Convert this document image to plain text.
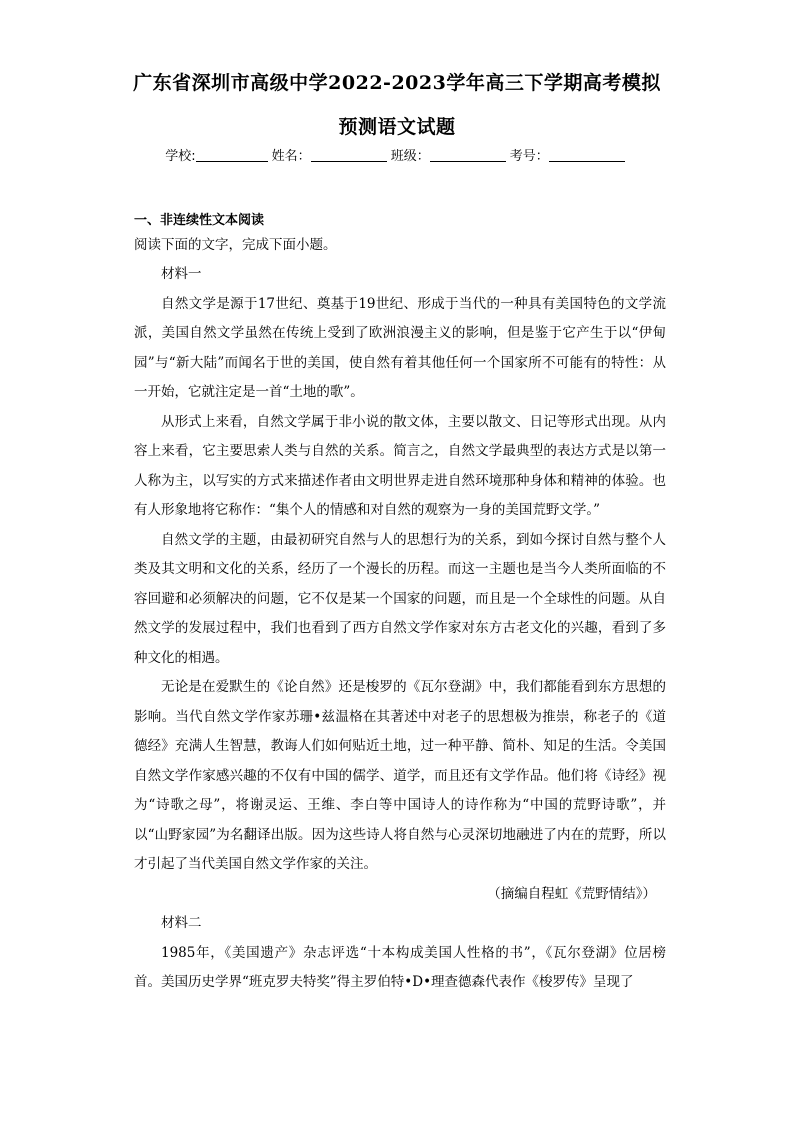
广东省深圳市高级中学2022-2023学年高三下学期高考模拟
预测语文试题
学校:	姓名：	班级：	考号：
一、非连续性文本阅读
阅读下面的文字，完成下面小题。

材料一

自然文学是源于17世纪、奠基于19世纪、形成于当代的一种具有美国特色的文学流派，美国自然文学虽然在传统上受到了欧洲浪漫主义的影响，但是鉴于它产生于以“伊甸园”与“新大陆”而闻名于世的美国，使自然有着其他任何一个国家所不可能有的特性：从一开始，它就注定是一首“土地的歌”。

从形式上来看，自然文学属于非小说的散文体，主要以散文、日记等形式出现。从内容上来看，它主要思索人类与自然的关系。简言之，自然文学最典型的表达方式是以第一人称为主，以写实的方式来描述作者由文明世界走进自然环境那种身体和精神的体验。也有人形象地将它称作：“集个人的情感和对自然的观察为一身的美国荒野文学。”

自然文学的主题，由最初研究自然与人的思想行为的关系，到如今探讨自然与整个人类及其文明和文化的关系，经历了一个漫长的历程。而这一主题也是当今人类所面临的不容回避和必须解决的问题，它不仅是某一个国家的问题，而且是一个全球性的问题。从自然文学的发展过程中，我们也看到了西方自然文学作家对东方古老文化的兴趣，看到了多种文化的相遇。

无论是在爱默生的《论自然》还是梭罗的《瓦尔登湖》中，我们都能看到东方思想的影响。当代自然文学作家苏珊•兹温格在其著述中对老子的思想极为推崇，称老子的《道德经》充满人生智慧，教诲人们如何贴近土地，过一种平静、简朴、知足的生活。令美国自然文学作家感兴趣的不仅有中国的儒学、道学，而且还有文学作品。他们将《诗经》视为“诗歌之母”，将谢灵运、王维、李白等中国诗人的诗作称为“中国的荒野诗歌”，并以“山野家园”为名翻译出版。因为这些诗人将自然与心灵深切地融进了内在的荒野，所以才引起了当代美国自然文学作家的关注。

（摘编自程虹《荒野情结》）

材料二

1985年，《美国遗产》杂志评选“十本构成美国人性格的书”，《瓦尔登湖》位居榜首。美国历史学界“班克罗夫特奖”得主罗伯特•D•理查德森代表作《梭罗传》呈现了
